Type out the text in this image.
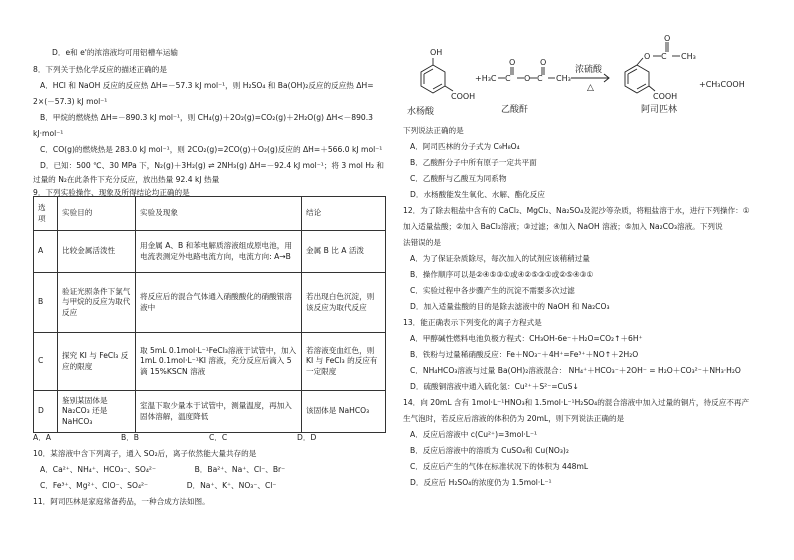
D．e和 e'的浓溶液均可用铝槽车运输
8．下列关于热化学反应的描述正确的是
A．HCl 和 NaOH 反应的反应热 ΔH=－57.3 kJ mol⁻¹，则 H₂SO₄ 和 Ba(OH)₂反应的反应热 ΔH=
2×(－57.3) kJ mol⁻¹
B．甲烷的燃烧热 ΔH=－890.3 kJ mol⁻¹，则 CH₄(g)＋2O₂(g)=CO₂(g)＋2H₂O(g) ΔH<－890.3
kJ·mol⁻¹
C．CO(g)的燃烧热是 283.0 kJ mol⁻¹，则 2CO₂(g)=2CO(g)＋O₂(g)反应的 ΔH=＋566.0 kJ mol⁻¹
D．已知：500 ℃、30 MPa 下，N₂(g)＋3H₂(g) ⇌ 2NH₃(g) ΔH=－92.4 kJ mol⁻¹；将 3 mol H₂ 和
过量的 N₂在此条件下充分反应，放出热量 92.4 kJ 热量
9．下列实验操作、现象及所得结论均正确的是
选项	实验目的	实验及现象	结论
A	比较金属活泼性	用金属 A、B 和苯电解质溶液组成原电池，用电流表测定外电路电流方向，电流方向: A→B	金属 B 比 A 活泼
B	验证光照条件下氯气与甲烷的反应为取代反应	将反应后的混合气体通入硝酸酸化的硝酸银溶液中	若出现白色沉淀，则该反应为取代反应
C	探究 KI 与 FeCl₃ 反应的限度	取 5mL 0.1mol·L⁻¹FeCl₃溶液于试管中，加入 1mL 0.1mol·L⁻¹KI 溶液，充分反应后滴入 5 滴 15%KSCN 溶液	若溶液变血红色，则 KI 与 FeCl₃ 的反应有一定限度
D	鉴别某固体是 Na₂CO₃ 还是 NaHCO₃	室温下取少量本于试管中，测量温度，再加入固体溶解，温度降低	该固体是 NaHCO₃
A．A	B．B	C．C	D．D
10．某溶液中含下列离子，通入 SO₂后，离子依然能大量共存的是
A．Ca²⁺、NH₄⁺、HCO₃⁻、SO₄²⁻                B．Ba²⁺、Na⁺、Cl⁻、Br⁻
C．Fe³⁺、Mg²⁺、ClO⁻、SO₄²⁻                D．Na⁺、K⁺、NO₃⁻、Cl⁻
11．阿司匹林是家庭常备药品，一种合成方法如图。
OH
COOH
水杨酸
+H₃C C
O
O C
O
CH₃
乙酸酐
浓硫酸
△
O C
O
CH₃
COOH
阿司匹林
+CH₃COOH
下列说法正确的是
A．阿司匹林的分子式为 C₉H₈O₄
B．乙酸酐分子中所有原子一定共平面
C．乙酸酐与乙酸互为同系物
D．水杨酸能发生氧化、水解、酯化反应
12．为了除去粗盐中含有的 CaCl₂、MgCl₂、Na₂SO₄及泥沙等杂质，将粗盐溶于水，进行下列操作：①
加入适量盐酸；②加入 BaCl₂溶液；③过滤；④加入 NaOH 溶液；⑤加入 Na₂CO₃溶液。下列说
法错误的是
A．为了保证杂质除尽，每次加入的试剂应该稍稍过量
B．操作顺序可以是②④⑤③①或④②⑤③①或②⑤④③①
C．实验过程中各步骤产生的沉淀不需要多次过滤
D．加入适量盐酸的目的是除去滤液中的 NaOH 和 Na₂CO₃
13．能正确表示下列变化的离子方程式是
A．甲醇碱性燃料电池负极方程式：CH₃OH-6e⁻＋H₂O=CO₂↑＋6H⁺
B．铁粉与过量稀硝酸反应：Fe＋NO₃⁻＋4H⁺=Fe³⁺＋NO↑＋2H₂O
C．NH₄HCO₃溶液与过量 Ba(OH)₂溶液混合： NH₄⁺＋HCO₃⁻＋2OH⁻ = H₂O＋CO₃²⁻＋NH₃·H₂O
D．硫酸铜溶液中通入硫化氢：Cu²⁺＋S²⁻=CuS↓
14．向 20mL 含有 1mol·L⁻¹HNO₃和 1.5mol·L⁻¹H₂SO₄的混合溶液中加入过量的铜片，待反应不再产
生气泡时，若反应后溶液的体积仍为 20mL，则下列说法正确的是
A．反应后溶液中 c(Cu²⁺)=3mol·L⁻¹
B．反应后溶液中的溶质为 CuSO₄和 Cu(NO₃)₂
C．反应后产生的气体在标准状况下的体积为 448mL
D．反应后 H₂SO₄的浓度仍为 1.5mol·L⁻¹
